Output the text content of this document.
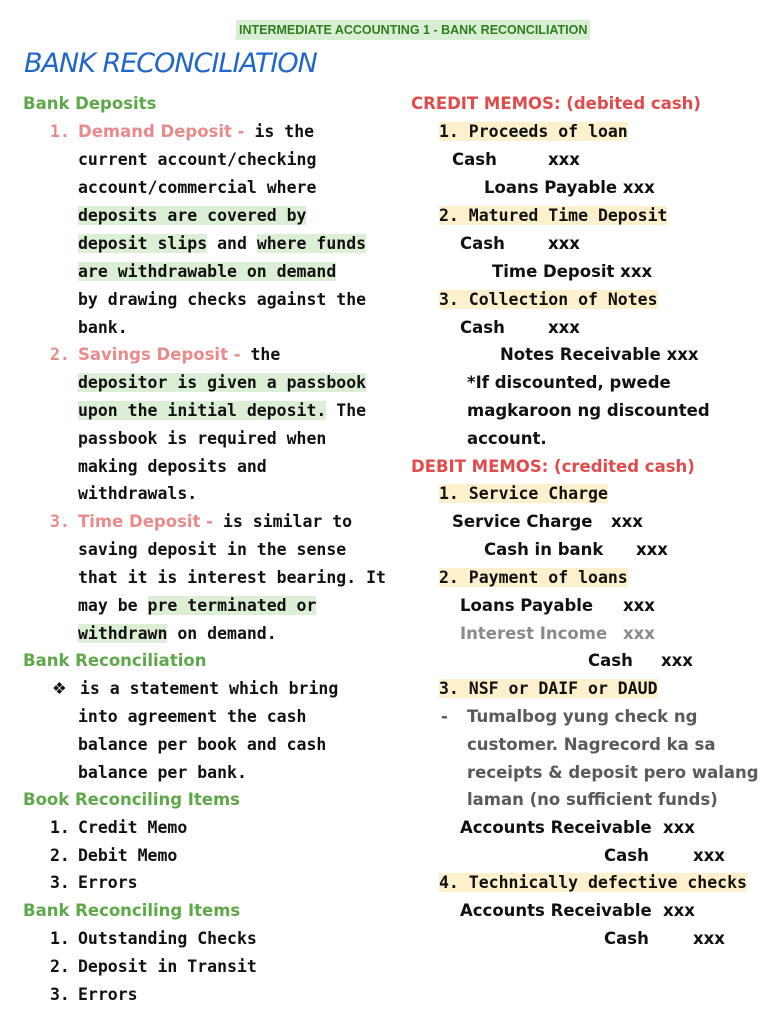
INTERMEDIATE ACCOUNTING 1 - BANK RECONCILIATION
BANK RECONCILIATION
Bank Deposits
1. Demand Deposit - is the
current account/checking
account/commercial where
deposits are covered by
deposit slips and where funds
are withdrawable on demand
by drawing checks against the
bank.
2. Savings Deposit - the
depositor is given a passbook
upon the initial deposit. The
passbook is required when
making deposits and
withdrawals.
3. Time Deposit - is similar to
saving deposit in the sense
that it is interest bearing. It
may be pre terminated or
withdrawn on demand.
Bank Reconciliation
❖ is a statement which bring
into agreement the cash
balance per book and cash
balance per bank.
Book Reconciling Items
1. Credit Memo
2. Debit Memo
3. Errors
Bank Reconciling Items
1. Outstanding Checks
2. Deposit in Transit
3. Errors
CREDIT MEMOS: (debited cash)
1. Proceeds of loan
Cash	xxx
Loans Payable xxx
2. Matured Time Deposit
Cash	xxx
Time Deposit xxx
3. Collection of Notes
Cash	xxx
Notes Receivable xxx
*If discounted, pwede
magkaroon ng discounted
account.
DEBIT MEMOS: (credited cash)
1. Service Charge
Service Charge xxx
Cash in bank xxx
2. Payment of loans
Loans Payable xxx
Interest Income xxx
Cash xxx
3. NSF or DAIF or DAUD
- Tumalbog yung check ng
customer. Nagrecord ka sa
receipts & deposit pero walang
laman (no sufficient funds)
Accounts Receivable xxx
Cash	xxx
4. Technically defective checks
Accounts Receivable xxx
Cash	xxx
